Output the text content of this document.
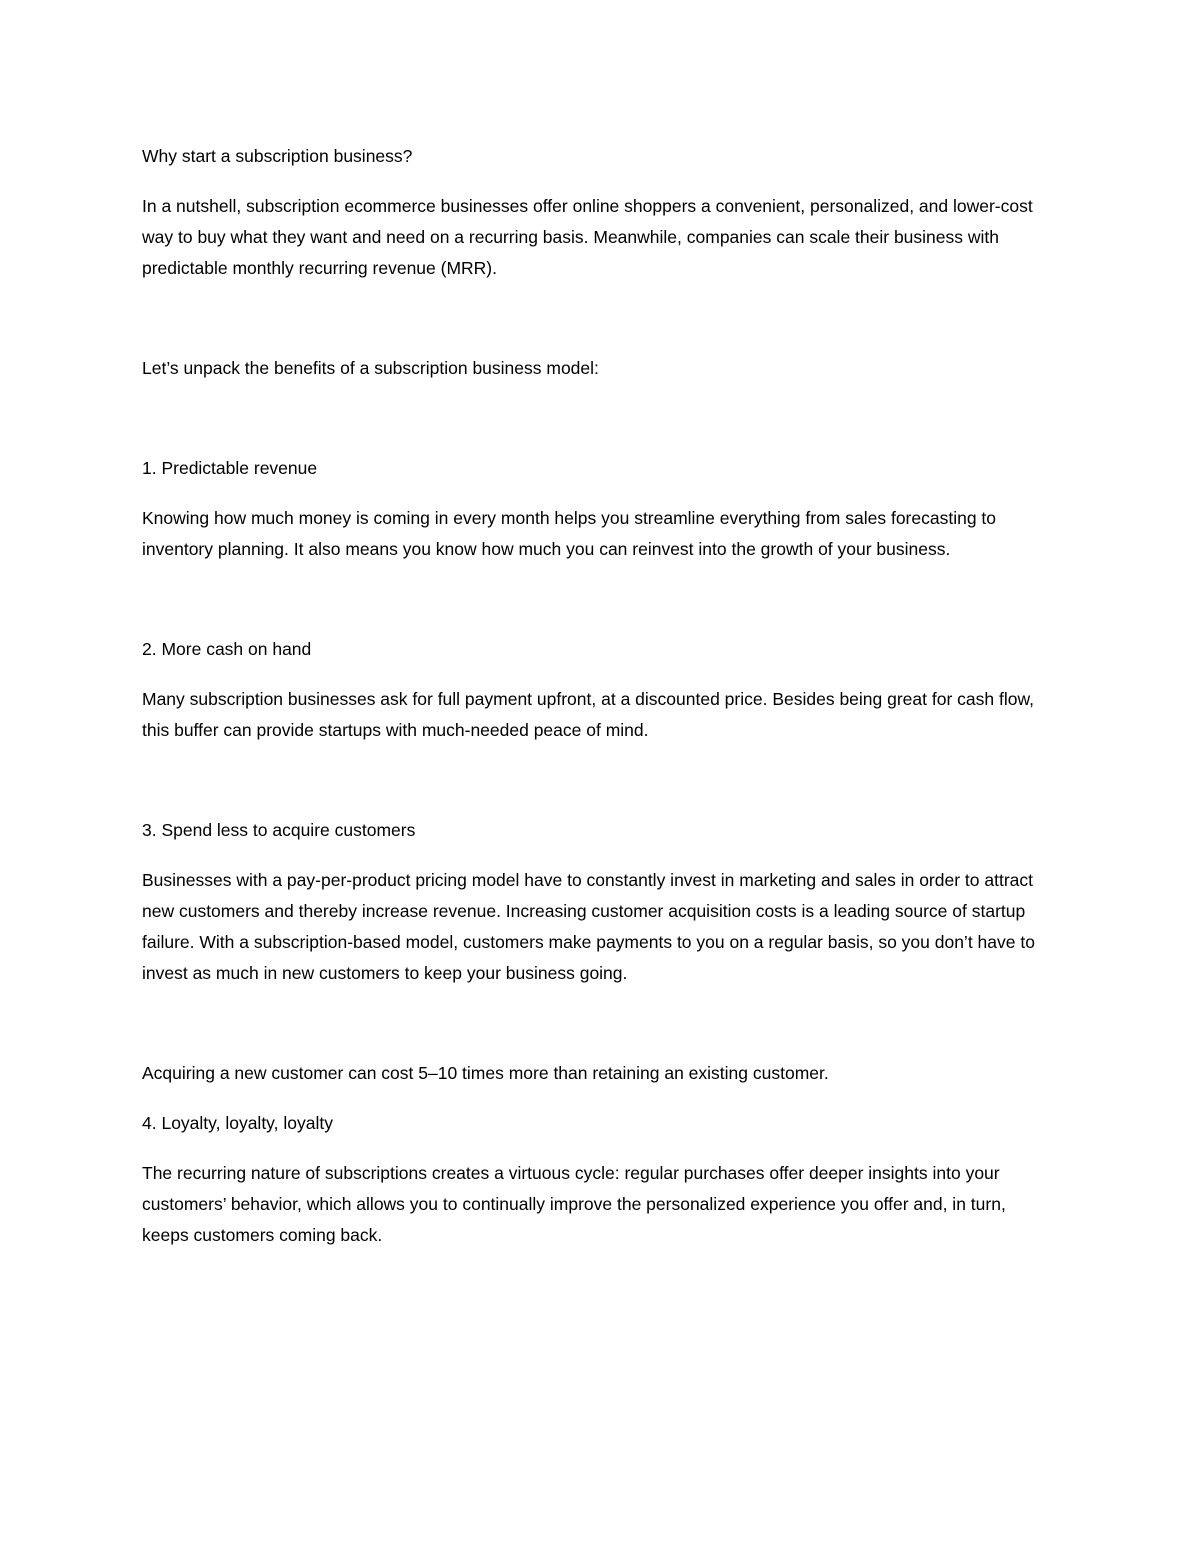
Why start a subscription business?

In a nutshell, subscription ecommerce businesses offer online shoppers a convenient, personalized, and lower-cost way to buy what they want and need on a recurring basis. Meanwhile, companies can scale their business with predictable monthly recurring revenue (MRR).

Let’s unpack the benefits of a subscription business model:

1. Predictable revenue

Knowing how much money is coming in every month helps you streamline everything from sales forecasting to inventory planning. It also means you know how much you can reinvest into the growth of your business.

2. More cash on hand

Many subscription businesses ask for full payment upfront, at a discounted price. Besides being great for cash flow, this buffer can provide startups with much-needed peace of mind.

3. Spend less to acquire customers

Businesses with a pay-per-product pricing model have to constantly invest in marketing and sales in order to attract new customers and thereby increase revenue. Increasing customer acquisition costs is a leading source of startup failure. With a subscription-based model, customers make payments to you on a regular basis, so you don’t have to invest as much in new customers to keep your business going.

Acquiring a new customer can cost 5–10 times more than retaining an existing customer.

4. Loyalty, loyalty, loyalty

The recurring nature of subscriptions creates a virtuous cycle: regular purchases offer deeper insights into your customers’ behavior, which allows you to continually improve the personalized experience you offer and, in turn, keeps customers coming back.
